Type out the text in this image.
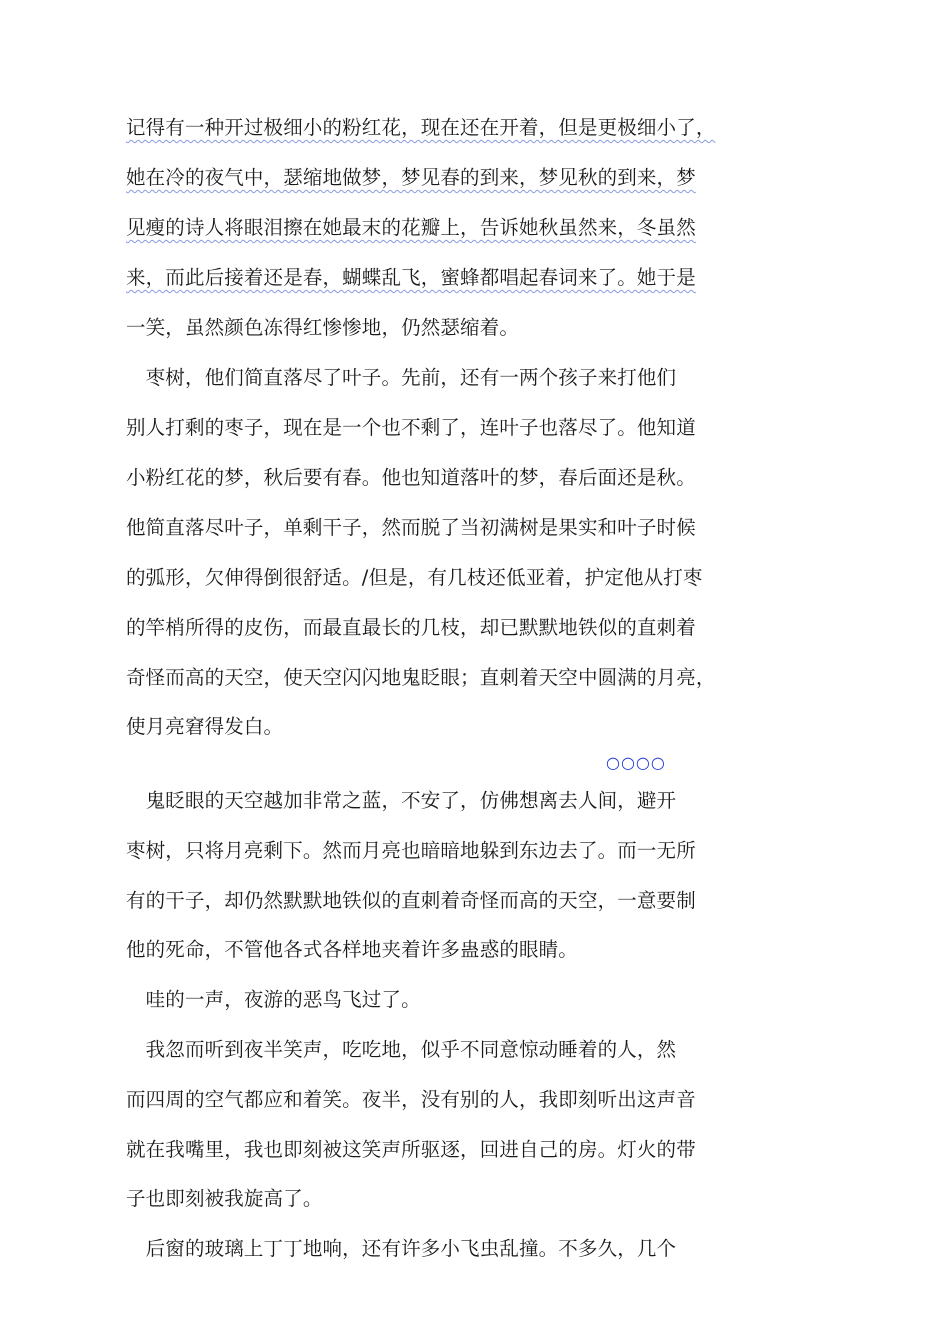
记得有一种开过极细小的粉红花，现在还在开着，但是更极细小了，
她在冷的夜气中，瑟缩地做梦，梦见春的到来，梦见秋的到来，梦
见瘦的诗人将眼泪擦在她最末的花瓣上，告诉她秋虽然来，冬虽然
来，而此后接着还是春，蝴蝶乱飞，蜜蜂都唱起春词来了。她于是
一笑，虽然颜色冻得红惨惨地，仍然瑟缩着。
　枣树，他们简直落尽了叶子。先前，还有一两个孩子来打他们
别人打剩的枣子，现在是一个也不剩了，连叶子也落尽了。他知道
小粉红花的梦，秋后要有春。他也知道落叶的梦，春后面还是秋。
他简直落尽叶子，单剩干子，然而脱了当初满树是果实和叶子时候
的弧形，欠伸得倒很舒适。/但是，有几枝还低亚着，护定他从打枣
的竿梢所得的皮伤，而最直最长的几枝，却已默默地铁似的直刺着
奇怪而高的天空，使天空闪闪地鬼眨眼；直刺着天空中圆满的月亮，
使月亮窘得发白。
○○○○
　鬼眨眼的天空越加非常之蓝，不安了，仿佛想离去人间，避开
枣树，只将月亮剩下。然而月亮也暗暗地躲到东边去了。而一无所
有的干子，却仍然默默地铁似的直刺着奇怪而高的天空，一意要制
他的死命，不管他各式各样地夹着许多蛊惑的眼睛。
　哇的一声，夜游的恶鸟飞过了。
　我忽而听到夜半笑声，吃吃地，似乎不同意惊动睡着的人，然
而四周的空气都应和着笑。夜半，没有别的人，我即刻听出这声音
就在我嘴里，我也即刻被这笑声所驱逐，回进自己的房。灯火的带
子也即刻被我旋高了。
　后窗的玻璃上丁丁地响，还有许多小飞虫乱撞。不多久，几个
